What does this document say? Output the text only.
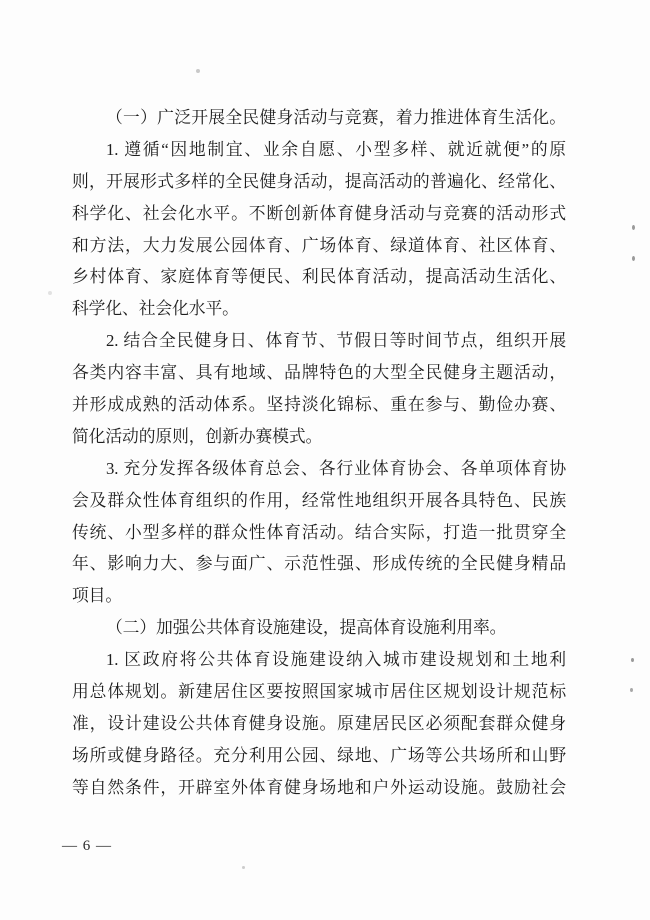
（一）广泛开展全民健身活动与竞赛，着力推进体育生活化。
1. 遵循“因地制宜、业余自愿、小型多样、就近就便”的原
则，开展形式多样的全民健身活动，提高活动的普遍化、经常化、
科学化、社会化水平。不断创新体育健身活动与竞赛的活动形式
和方法，大力发展公园体育、广场体育、绿道体育、社区体育、
乡村体育、家庭体育等便民、利民体育活动，提高活动生活化、
科学化、社会化水平。
2. 结合全民健身日、体育节、节假日等时间节点，组织开展
各类内容丰富、具有地域、品牌特色的大型全民健身主题活动，
并形成成熟的活动体系。坚持淡化锦标、重在参与、勤俭办赛、
简化活动的原则，创新办赛模式。
3. 充分发挥各级体育总会、各行业体育协会、各单项体育协
会及群众性体育组织的作用，经常性地组织开展各具特色、民族
传统、小型多样的群众性体育活动。结合实际，打造一批贯穿全
年、影响力大、参与面广、示范性强、形成传统的全民健身精品
项目。
（二）加强公共体育设施建设，提高体育设施利用率。
1. 区政府将公共体育设施建设纳入城市建设规划和土地利
用总体规划。新建居住区要按照国家城市居住区规划设计规范标
准，设计建设公共体育健身设施。原建居民区必须配套群众健身
场所或健身路径。充分利用公园、绿地、广场等公共场所和山野
等自然条件，开辟室外体育健身场地和户外运动设施。鼓励社会
— 6 —
